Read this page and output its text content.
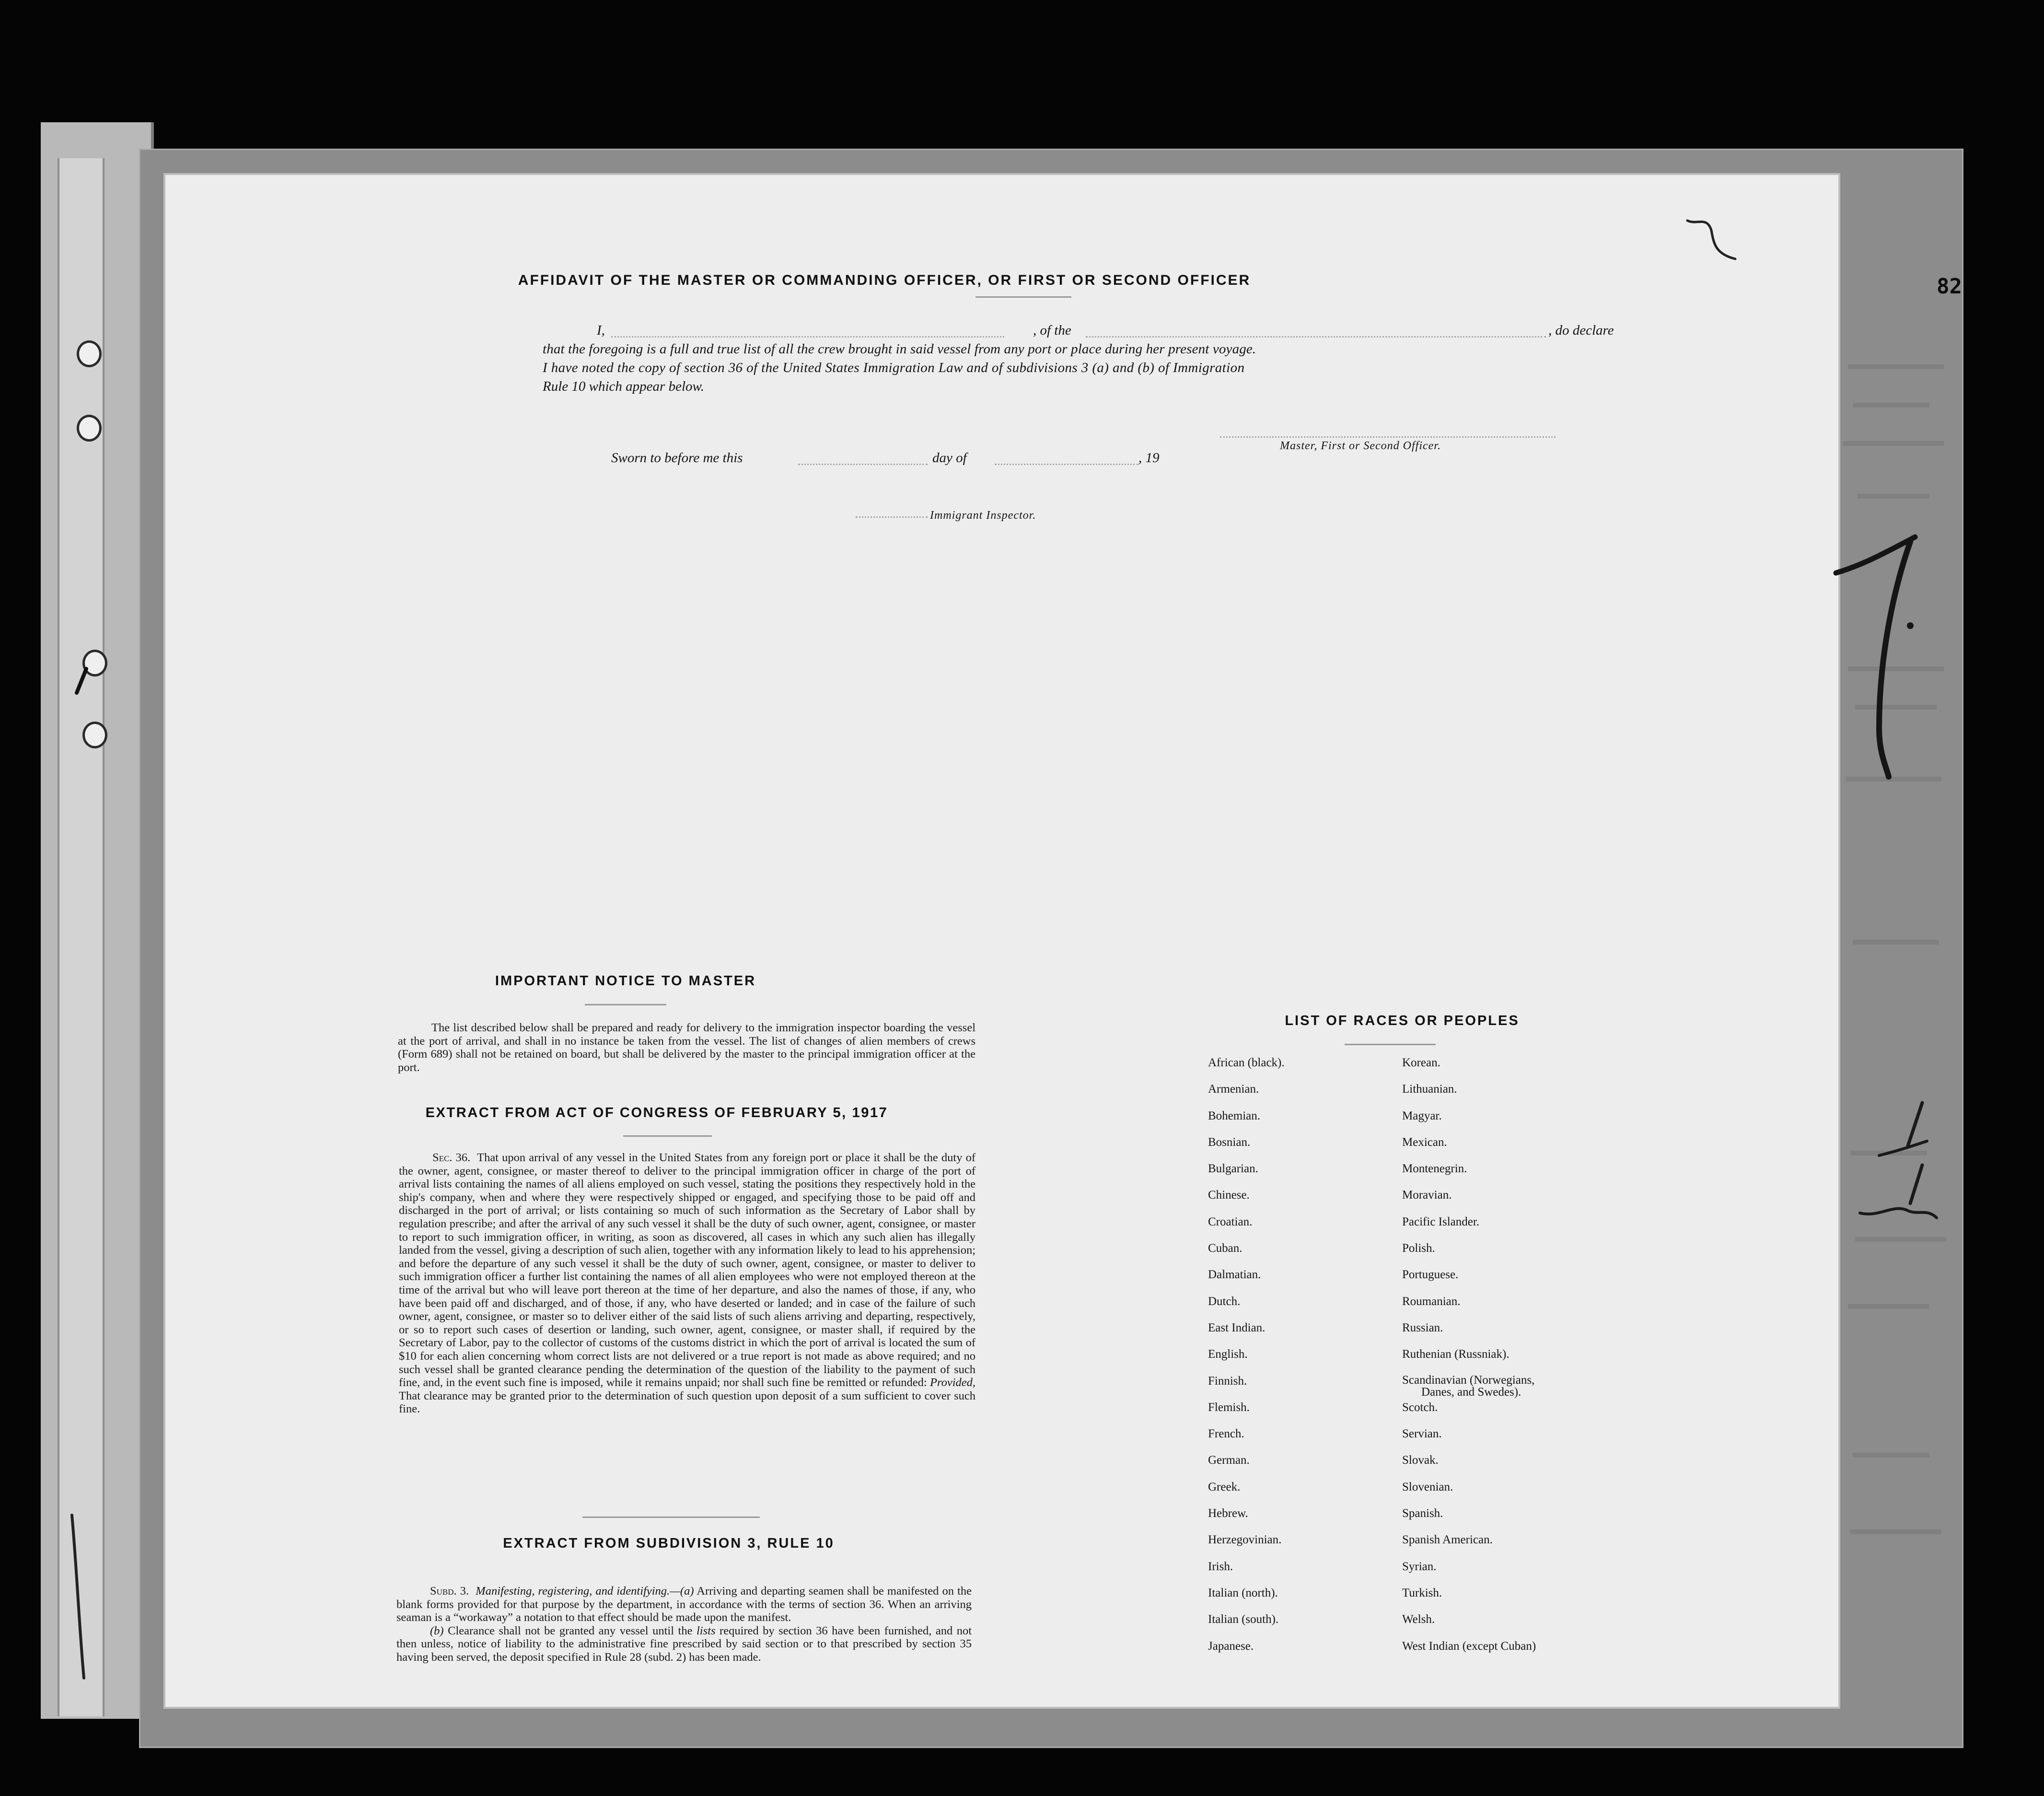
82
AFFIDAVIT OF THE MASTER OR COMMANDING OFFICER, OR FIRST OR SECOND OFFICER
I,	, of the	, do declare
that the foregoing is a full and true list of all the crew brought in said vessel from any port or place during her present voyage.
I have noted the copy of section 36 of the United States Immigration Law and of subdivisions 3 (a) and (b) of Immigration
Rule 10 which appear below.
Master, First or Second Officer.
Sworn to before me this	day of	, 19
Immigrant Inspector.
IMPORTANT NOTICE TO MASTER

The list described below shall be prepared and ready for delivery to the immigration inspector boarding the vessel at the port of arrival, and shall in no instance be taken from the vessel. The list of changes of alien members of crews (Form 689) shall not be retained on board, but shall be delivered by the master to the principal immigration officer at the port.

EXTRACT FROM ACT OF CONGRESS OF FEBRUARY 5, 1917

Sec. 36. That upon arrival of any vessel in the United States from any foreign port or place it shall be the duty of the owner, agent, consignee, or master thereof to deliver to the principal immigration officer in charge of the port of arrival lists containing the names of all aliens employed on such vessel, stating the positions they respectively hold in the ship's company, when and where they were respectively shipped or engaged, and specifying those to be paid off and discharged in the port of arrival; or lists containing so much of such information as the Secretary of Labor shall by regulation prescribe; and after the arrival of any such vessel it shall be the duty of such owner, agent, consignee, or master to report to such immigration officer, in writing, as soon as discovered, all cases in which any such alien has illegally landed from the vessel, giving a description of such alien, together with any information likely to lead to his apprehension; and before the departure of any such vessel it shall be the duty of such owner, agent, consignee, or master to deliver to such immigration officer a further list containing the names of all alien employees who were not employed thereon at the time of the arrival but who will leave port thereon at the time of her departure, and also the names of those, if any, who have been paid off and discharged, and of those, if any, who have deserted or landed; and in case of the failure of such owner, agent, consignee, or master so to deliver either of the said lists of such aliens arriving and departing, respectively, or so to report such cases of desertion or landing, such owner, agent, consignee, or master shall, if required by the Secretary of Labor, pay to the collector of customs of the customs district in which the port of arrival is located the sum of $10 for each alien concerning whom correct lists are not delivered or a true report is not made as above required; and no such vessel shall be granted clearance pending the determination of the question of the liability to the payment of such fine, and, in the event such fine is imposed, while it remains unpaid; nor shall such fine be remitted or refunded: Provided, That clearance may be granted prior to the determination of such question upon deposit of a sum sufficient to cover such fine.

EXTRACT FROM SUBDIVISION 3, RULE 10

Subd. 3. Manifesting, registering, and identifying.—(a) Arriving and departing seamen shall be manifested on the blank forms provided for that purpose by the department, in accordance with the terms of section 36. When an arriving seaman is a “workaway” a notation to that effect should be made upon the manifest.

(b) Clearance shall not be granted any vessel until the lists required by section 36 have been furnished, and not then unless, notice of liability to the administrative fine prescribed by said section or to that prescribed by section 35 having been served, the deposit specified in Rule 28 (subd. 2) has been made.

LIST OF RACES OR PEOPLES
African (black).
Armenian.
Bohemian.
Bosnian.
Bulgarian.
Chinese.
Croatian.
Cuban.
Dalmatian.
Dutch.
East Indian.
English.
Finnish.
Flemish.
French.
German.
Greek.
Hebrew.
Herzegovinian.
Irish.
Italian (north).
Italian (south).
Japanese.
Korean.
Lithuanian.
Magyar.
Mexican.
Montenegrin.
Moravian.
Pacific Islander.
Polish.
Portuguese.
Roumanian.
Russian.
Ruthenian (Russniak).
Scandinavian (Norwegians,
Danes, and Swedes).
Scotch.
Servian.
Slovak.
Slovenian.
Spanish.
Spanish American.
Syrian.
Turkish.
Welsh.
West Indian (except Cuban)
